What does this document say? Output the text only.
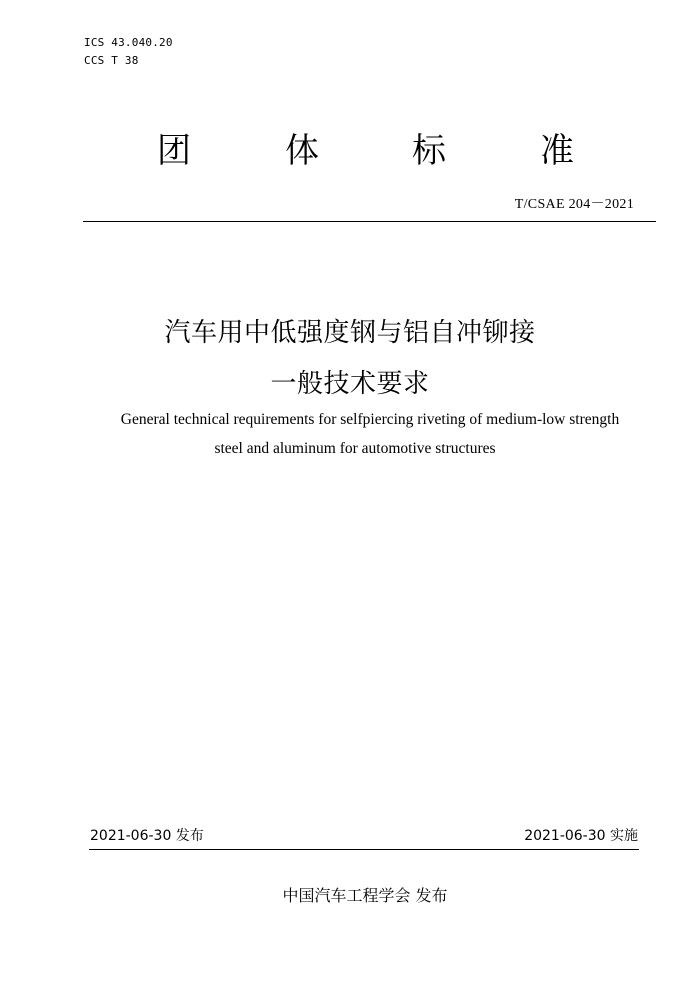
ICS 43.040.20
CCS T 38
团	体	标	准
T/CSAE 204－2021
汽车用中低强度钢与铝自冲铆接
一般技术要求
General technical requirements for selfpiercing riveting of medium-low strength
steel and aluminum for automotive structures
2021-06-30 发布	2021-06-30 实施
中国汽车工程学会 发布
